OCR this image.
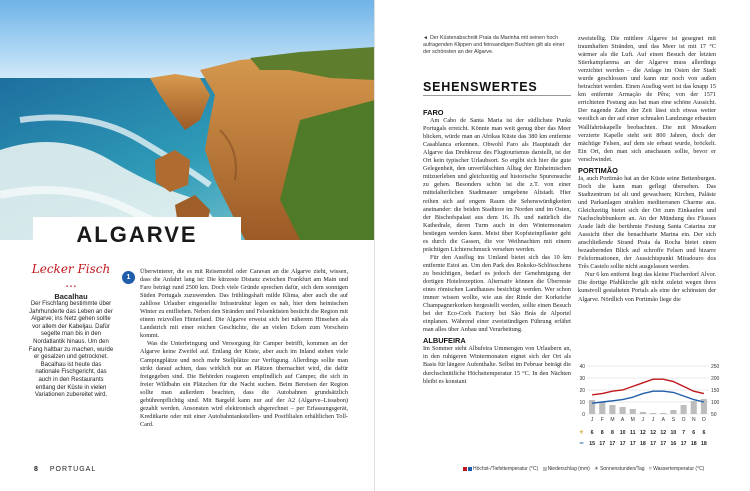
ALGARVE
Lecker Fisch ...
Bacalhau
Der Fischfang bestimmte über Jahrhunderte das Leben an der Algarve; ins Netz gehen sollte vor allem der Kabeljau. Dafür segelte man bis in den Nordatlantik hinaus. Um den Fang haltbar zu machen, wurde er gesalzen und getrocknet. Bacalhau ist heute das nationale Fischgericht, das auch in den Restaurants entlang der Küste in vielen Variationen zubereitet wird.
1

Überwinterer, die es mit Reisemobil oder Caravan an die Algarve zieht, wissen, dass die Anfahrt lang ist: Die kürzeste Distanz zwischen Frankfurt am Main und Faro beträgt rund 2500 km. Doch viele Gründe sprechen dafür, sich dem sonnigen Süden Portugals zuzuwenden. Das frühlingshaft milde Klima, aber auch die auf zahllose Urlauber eingestellte Infrastruktur legen es nah, hier dem heimischen Winter zu entfliehen. Neben den Stränden und Felsenküsten besticht die Region mit einem reizvollen Hinterland. Die Algarve erweist sich bei näherem Hinsehen als Landstrich mit einer reichen Geschichte, die an vielen Ecken zum Vorschein kommt.

Was die Unterbringung und Versorgung für Camper betrifft, kommen an der Algarve keine Zweifel auf. Entlang der Küste, aber auch im Inland stehen viele Campingplätze und noch mehr Stellplätze zur Verfügung. Allerdings sollte man strikt darauf achten, dass wirklich nur an Plätzen übernachtet wird, die dafür freigegeben sind. Die Behörden reagieren empfindlich auf Camper, die sich in freier Wildbahn ein Plätzchen für die Nacht suchen. Beim Bereisen der Region sollte man außerdem beachten, dass die Autobahnen grundsätzlich gebührenpflichtig sind. Mit Bargeld kann nur auf der A2 (Algarve–Lissabon) gezahlt werden. Ansonsten wird elektronisch abgerechnet – per Erfassungsgerät, Kreditkarte oder mit einer Autobahntankstellen- und Postfilialen erhältlichen Toll-Card.

8 PORTUGAL
◄ Der Küstenabschnitt Praia da Marinha mit seinen hoch aufragenden Klippen und feinsandigen Buchten gilt als einer der schönsten an der Algarve.
SEHENSWERTES

FARO

Am Cabo de Santa Maria ist der südlichste Punkt Portugals erreicht. Könnte man weit genug über das Meer blicken, würde man an Afrikas Küste das 380 km entfernte Casablanca erkennen. Obwohl Faro als Hauptstadt der Algarve das Drehkreuz des Flugtourismus darstellt, ist der Ort kein typischer Urlaubsort. So ergibt sich hier die gute Gelegenheit, den unverfälschten Alltag der Einheimischen mitzuerleben und gleichzeitig auf historische Spurensuche zu gehen. Besonders schön ist die z.T. von einer mittelalterlichen Stadtmauer umgebene Altstadt. Hier reihen sich auf engem Raum die Sehenswürdigkeiten aneinander: die beiden Stadttore im Norden und im Osten, der Bischofspalast aus dem 16. Jh. und natürlich die Kathedrale, deren Turm auch in den Wintermonaten bestiegen werden kann. Meist über Kopfsteinpflaster geht es durch die Gassen, die vor Weihnachten mit einem prächtigen Lichterschmuck versehen werden.

Für den Ausflug ins Umland bietet sich das 10 km entfernte Estoi an. Um den Park des Rokoko-Schlösschens zu besichtigen, bedarf es jedoch der Genehmigung der dortigen Hotelrezeption. Alternativ können die Überreste eines römischen Landhauses besichtigt werden. Wer schon immer wissen wollte, wie aus der Rinde der Korkeiche Champagnerkorken hergestellt werden, sollte einen Besuch bei der Eco-Cork Factory bei São Brás de Alportel einplanen. Während einer zweistündigen Führung erfährt man alles über Anbau und Verarbeitung.

ALBUFEIRA

Im Sommer steht Albufeira Ummengen von Urlaubern an, in den ruhigeren Wintermonaten eignet sich der Ort als Basis für längere Aufenthalte. Selbst im Februar beträgt die durchschnittliche Höchsttemperatur 15 °C. In den Nächten bleibt es konstant

zweistellig. Die mittlere Algarve ist gesegnet mit traumhaften Stränden, und das Meer ist mit 17 °C wärmer als die Luft. Auf einen Besuch der letzten Stierkampfarena an der Algarve muss allerdings verzichtet werden – die Anlage im Osten der Stadt wurde geschlossen und kann nur noch von außen betrachtet werden. Einen Ausflug wert ist das knapp 15 km entfernte Armação de Pêra; von der 1571 errichteten Festung aus hat man eine schöne Aussicht. Der nagende Zahn der Zeit lässt sich etwas weiter westlich an der auf einer schmalen Landzunge erbauten Wallfahrtskapelle beobachten. Die mit Mosaiken verzierte Kapelle steht seit 800 Jahren, doch der mächtige Felsen, auf dem sie erbaut wurde, bröckelt. Ein Ort, den man sich anschauen sollte, bevor er verschwindet.

PORTIMÃO

Ja, auch Portimão hat an der Küste seine Bettenburgen. Doch die kann man geflegt übersehen. Das Stadtzentrum ist alt und gewachsen; Kirchen, Paläste und Parkanlagen strahlen mediterranen Charme aus. Gleichzeitig bietet sich der Ort zum Einkaufen und Nachschubbunkern an. An der Mündung des Flusses Arade lädt die berühmte Festung Santa Catarina zur Aussicht über die benachbarte Marina ein. Der sich anschließende Strand Praia da Rocha bietet einen bezaubernden Blick auf schroffe Felsen und bizarre Felsformationen, der Aussichtspunkt Miradouro dos Três Castelo sollte nicht ausgelassen werden.

Nur 6 km entfernt liegt das kleine Fischerdorf Alvor. Die dortige Pfahlkirche gilt nicht zuletzt wegen ihres kunstvoll gestalteten Portals als eine der schönsten der Algarve. Nördlich von Portimão liege die

40
30
20
10
0
250
200
150
100
50
J F M A M J J A S O N D
☀ 6 8 8 10 11 12 12 12 10 7 6 6
≈ 15 17 17 17 17 18 17 17 16 17 18 18
Höchst-/Tiefsttemperatur (°C) Niederschlag (mm) ☀ Sonnenstunden/Tag ≈ Wassertemperatur (°C)
